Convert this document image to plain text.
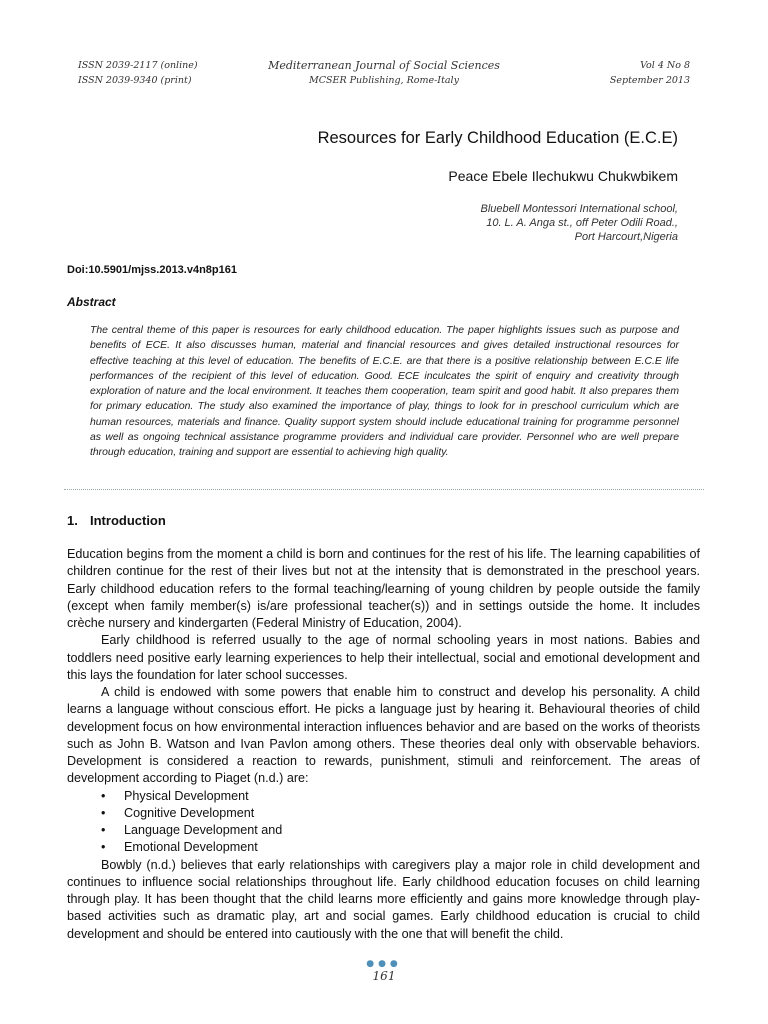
ISSN 2039-2117 (online)
ISSN 2039-9340 (print)
Mediterranean Journal of Social Sciences
MCSER Publishing, Rome-Italy
Vol 4 No 8
September 2013
Resources for Early Childhood Education (E.C.E)
Peace Ebele Ilechukwu Chukwbikem
Bluebell Montessori International school,
10. L. A. Anga st., off Peter Odili Road.,
Port Harcourt,Nigeria
Doi:10.5901/mjss.2013.v4n8p161
Abstract
The central theme of this paper is resources for early childhood education. The paper highlights issues such as purpose and benefits of ECE. It also discusses human, material and financial resources and gives detailed instructional resources for effective teaching at this level of education. The benefits of E.C.E. are that there is a positive relationship between E.C.E life performances of the recipient of this level of education. Good. ECE inculcates the spirit of enquiry and creativity through exploration of nature and the local environment. It teaches them cooperation, team spirit and good habit. It also prepares them for primary education. The study also examined the importance of play, things to look for in preschool curriculum which are human resources, materials and finance. Quality support system should include educational training for programme personnel as well as ongoing technical assistance programme providers and individual care provider. Personnel who are well prepare through education, training and support are essential to achieving high quality.
1. Introduction

Education begins from the moment a child is born and continues for the rest of his life. The learning capabilities of children continue for the rest of their lives but not at the intensity that is demonstrated in the preschool years. Early childhood education refers to the formal teaching/learning of young children by people outside the family (except when family member(s) is/are professional teacher(s)) and in settings outside the home. It includes crèche nursery and kindergarten (Federal Ministry of Education, 2004).

Early childhood is referred usually to the age of normal schooling years in most nations. Babies and toddlers need positive early learning experiences to help their intellectual, social and emotional development and this lays the foundation for later school successes.

A child is endowed with some powers that enable him to construct and develop his personality. A child learns a language without conscious effort. He picks a language just by hearing it. Behavioural theories of child development focus on how environmental interaction influences behavior and are based on the works of theorists such as John B. Watson and Ivan Pavlon among others. These theories deal only with observable behaviors. Development is considered a reaction to rewards, punishment, stimuli and reinforcement. The areas of development according to Piaget (n.d.) are:

• Physical Development
• Cognitive Development
• Language Development and
• Emotional Development

Bowbly (n.d.) believes that early relationships with caregivers play a major role in child development and continues to influence social relationships throughout life. Early childhood education focuses on child learning through play. It has been thought that the child learns more efficiently and gains more knowledge through play- based activities such as dramatic play, art and social games. Early childhood education is crucial to child development and should be entered into cautiously with the one that will benefit the child.

●●●
161
